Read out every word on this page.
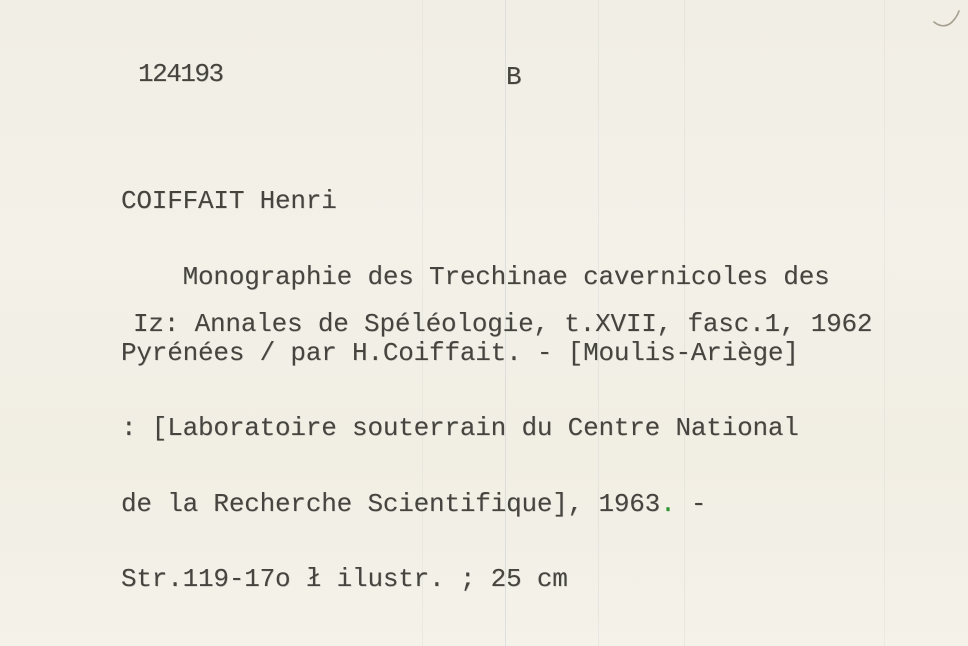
124193	B

COIFFAIT Henri

Monographie des Trechinae cavernicoles des

Pyrénées / par H.Coiffait. - [Moulis-Ariège]

: [Laboratoire souterrain du Centre National

de la Recherche Scientifique], 1963. -

Str.119-17o ł ilustr. ; 25 cm

Iz: Annales de Spéléologie, t.XVII, fasc.1, 1962
